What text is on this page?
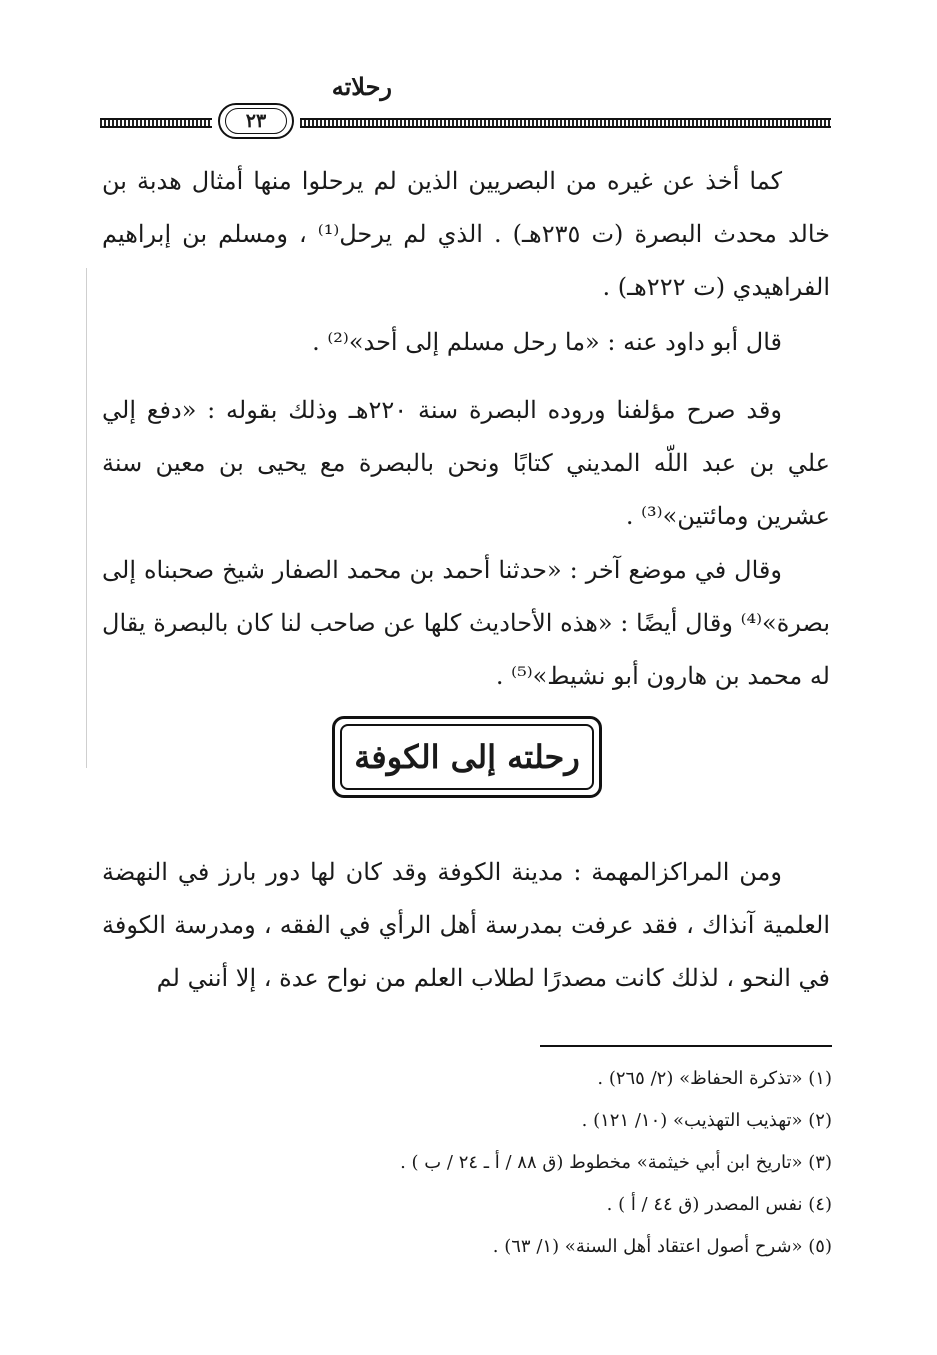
رحلاته
٢٣
كما أخذ عن غيره من البصريين الذين لم يرحلوا منها أمثال هدبة بن خالد محدث البصرة (ت ٢٣٥هـ) . الذي لم يرحل⁽¹⁾ ، ومسلم بن إبراهيم الفراهيدي (ت ٢٢٢هـ) .
قال أبو داود عنه : «ما رحل مسلم إلى أحد»⁽²⁾ .
وقد صرح مؤلفنا وروده البصرة سنة ٢٢٠هـ وذلك بقوله : «دفع إلي علي بن عبد اللّه المديني كتابًا ونحن بالبصرة مع يحيى بن معين سنة عشرين ومائتين»⁽³⁾ .
وقال في موضع آخر : «حدثنا أحمد بن محمد الصفار شيخ صحبناه إلى بصرة»⁽⁴⁾ وقال أيضًا : «هذه الأحاديث كلها عن صاحب لنا كان بالبصرة يقال له محمد بن هارون أبو نشيط»⁽⁵⁾ .
رحلته إلى الكوفة
ومن المراكزالمهمة : مدينة الكوفة وقد كان لها دور بارز في النهضة العلمية آنذاك ، فقد عرفت بمدرسة أهل الرأي في الفقه ، ومدرسة الكوفة في النحو ، لذلك كانت مصدرًا لطلاب العلم من نواح عدة ، إلا أنني لم
(١) «تذكرة الحفاظ» (٢/ ٢٦٥) .
(٢) «تهذيب التهذيب» (١٠/ ١٢١) .
(٣) «تاريخ ابن أبي خيثمة» مخطوط (ق ٨٨ / أ ـ ٢٤ / ب ) .
(٤) نفس المصدر (ق ٤٤ / أ ) .
(٥) «شرح أصول اعتقاد أهل السنة» (١/ ٦٣) .
